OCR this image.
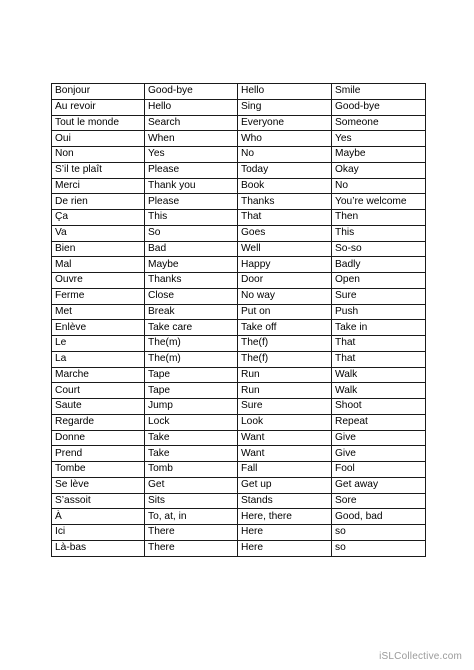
Bonjour	Good-bye	Hello	Smile
Au revoir	Hello	Sing	Good-bye
Tout le monde	Search	Everyone	Someone
Oui	When	Who	Yes
Non	Yes	No	Maybe
S’il te plaît	Please	Today	Okay
Merci	Thank you	Book	No
De rien	Please	Thanks	You’re welcome
Ça	This	That	Then
Va	So	Goes	This
Bien	Bad	Well	So-so
Mal	Maybe	Happy	Badly
Ouvre	Thanks	Door	Open
Ferme	Close	No way	Sure
Met	Break	Put on	Push
Enlève	Take care	Take off	Take in
Le	The(m)	The(f)	That
La	The(m)	The(f)	That
Marche	Tape	Run	Walk
Court	Tape	Run	Walk
Saute	Jump	Sure	Shoot
Regarde	Lock	Look	Repeat
Donne	Take	Want	Give
Prend	Take	Want	Give
Tombe	Tomb	Fall	Fool
Se lève	Get	Get up	Get away
S’assoit	Sits	Stands	Sore
À	To, at, in	Here, there	Good, bad
Ici	There	Here	so
Là-bas	There	Here	so
iSLCollective.com
